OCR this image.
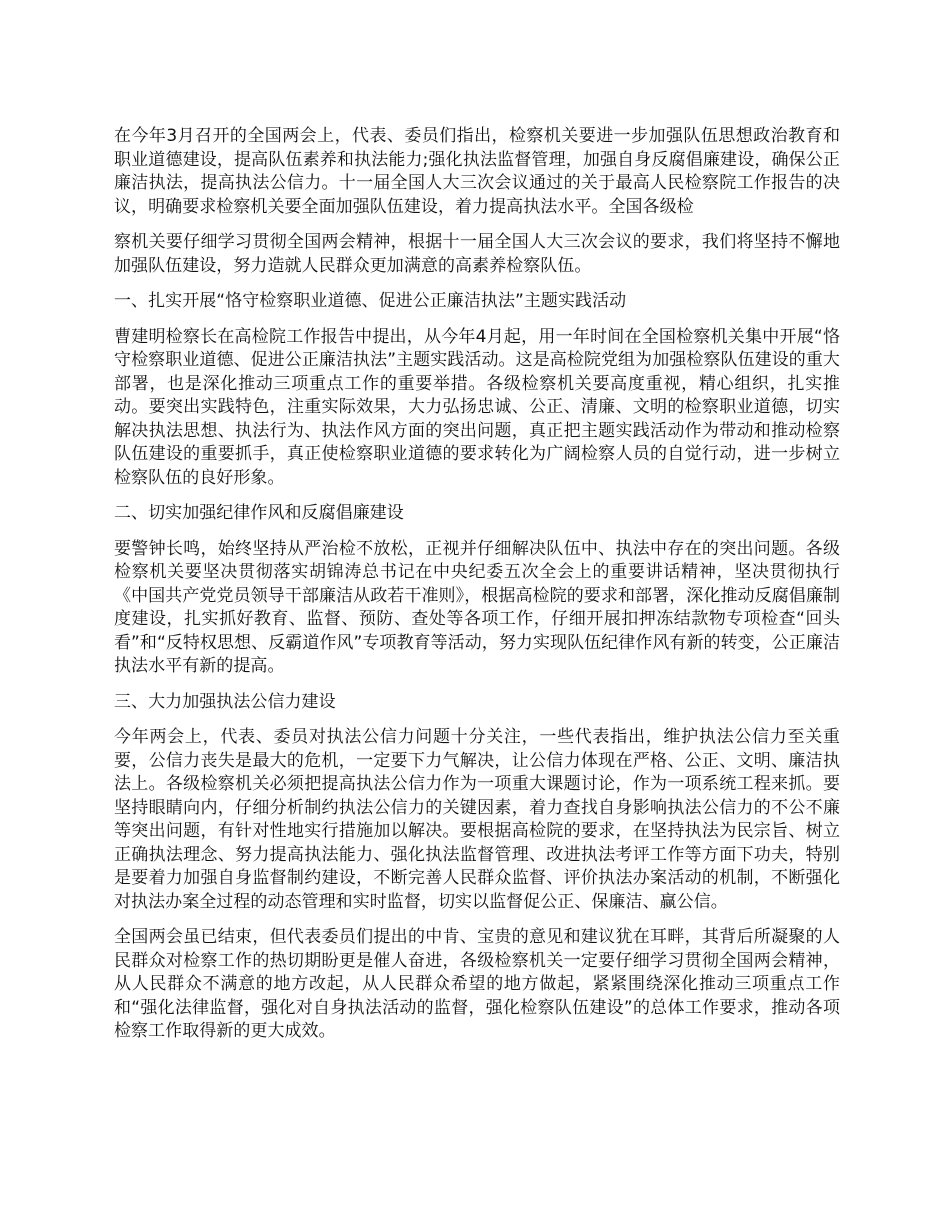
在今年3月召开的全国两会上，代表、委员们指出，检察机关要进一步加强队伍思想政治教育和职业道德建设，提高队伍素养和执法能力;强化执法监督管理，加强自身反腐倡廉建设，确保公正廉洁执法，提高执法公信力。十一届全国人大三次会议通过的关于最高人民检察院工作报告的决议，明确要求检察机关要全面加强队伍建设，着力提高执法水平。全国各级检

察机关要仔细学习贯彻全国两会精神，根据十一届全国人大三次会议的要求，我们将坚持不懈地加强队伍建设，努力造就人民群众更加满意的高素养检察队伍。

一、扎实开展“恪守检察职业道德、促进公正廉洁执法”主题实践活动

曹建明检察长在高检院工作报告中提出，从今年4月起，用一年时间在全国检察机关集中开展“恪守检察职业道德、促进公正廉洁执法”主题实践活动。这是高检院党组为加强检察队伍建设的重大部署，也是深化推动三项重点工作的重要举措。各级检察机关要高度重视，精心组织，扎实推动。要突出实践特色，注重实际效果，大力弘扬忠诚、公正、清廉、文明的检察职业道德，切实解决执法思想、执法行为、执法作风方面的突出问题，真正把主题实践活动作为带动和推动检察队伍建设的重要抓手，真正使检察职业道德的要求转化为广阔检察人员的自觉行动，进一步树立检察队伍的良好形象。

二、切实加强纪律作风和反腐倡廉建设

要警钟长鸣，始终坚持从严治检不放松，正视并仔细解决队伍中、执法中存在的突出问题。各级检察机关要坚决贯彻落实胡锦涛总书记在中央纪委五次全会上的重要讲话精神，坚决贯彻执行《中国共产党党员领导干部廉洁从政若干准则》，根据高检院的要求和部署，深化推动反腐倡廉制度建设，扎实抓好教育、监督、预防、查处等各项工作，仔细开展扣押冻结款物专项检查“回头看”和“反特权思想、反霸道作风”专项教育等活动，努力实现队伍纪律作风有新的转变，公正廉洁执法水平有新的提高。

三、大力加强执法公信力建设

今年两会上，代表、委员对执法公信力问题十分关注，一些代表指出，维护执法公信力至关重要，公信力丧失是最大的危机，一定要下力气解决，让公信力体现在严格、公正、文明、廉洁执法上。各级检察机关必须把提高执法公信力作为一项重大课题讨论，作为一项系统工程来抓。要坚持眼睛向内，仔细分析制约执法公信力的关键因素，着力查找自身影响执法公信力的不公不廉等突出问题，有针对性地实行措施加以解决。要根据高检院的要求，在坚持执法为民宗旨、树立正确执法理念、努力提高执法能力、强化执法监督管理、改进执法考评工作等方面下功夫，特别是要着力加强自身监督制约建设，不断完善人民群众监督、评价执法办案活动的机制，不断强化对执法办案全过程的动态管理和实时监督，切实以监督促公正、保廉洁、赢公信。

全国两会虽已结束，但代表委员们提出的中肯、宝贵的意见和建议犹在耳畔，其背后所凝聚的人民群众对检察工作的热切期盼更是催人奋进，各级检察机关一定要仔细学习贯彻全国两会精神，从人民群众不满意的地方改起，从人民群众希望的地方做起，紧紧围绕深化推动三项重点工作和“强化法律监督，强化对自身执法活动的监督，强化检察队伍建设”的总体工作要求，推动各项检察工作取得新的更大成效。
